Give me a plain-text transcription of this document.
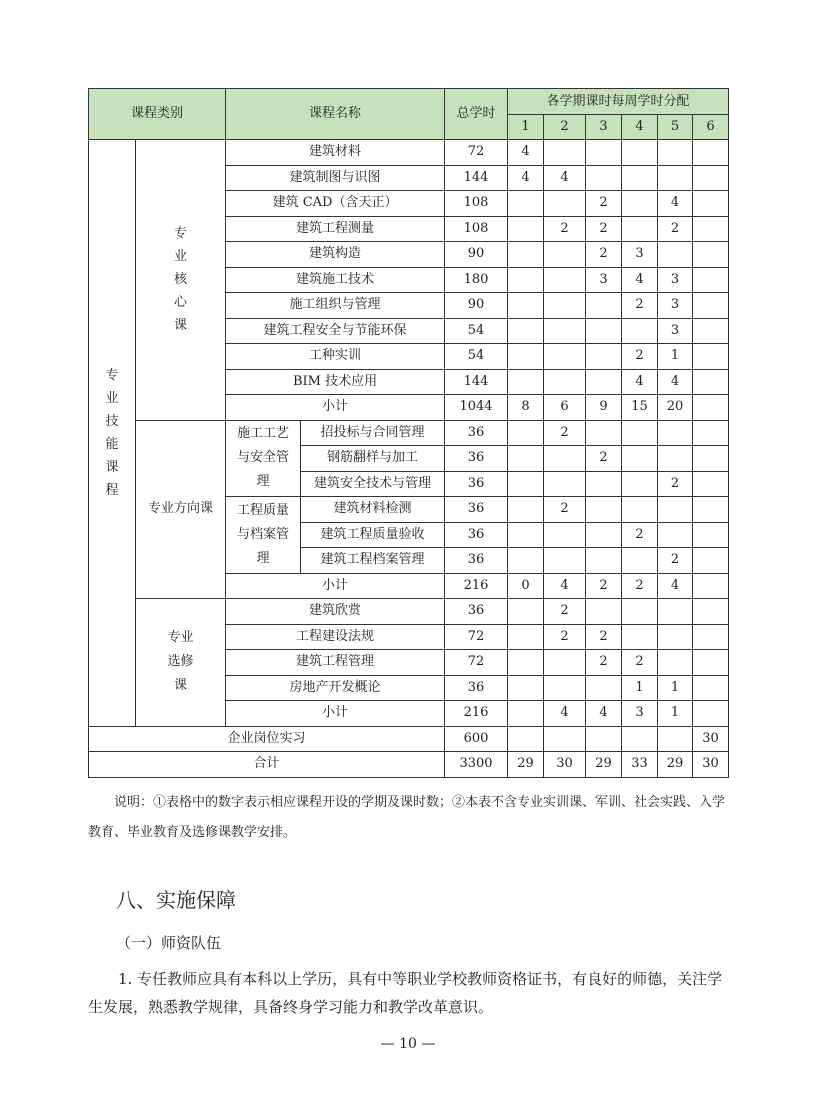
课程类别		课程名称		总学时	各学期课时每周学时分配					
					1	2	3	4	5	6
专业技能课程	专业核心课	建筑材料		72	4					
		建筑制图与识图		144	4	4				
		建筑 CAD（含天正）		108			2		4	
		建筑工程测量		108		2	2		2	
		建筑构造		90			2	3		
		建筑施工技术		180			3	4	3	
		施工组织与管理		90				2	3	
		建筑工程安全与节能环保		54					3	
		工种实训		54				2	1	
		BIM 技术应用		144				4	4	
		小计		1044	8	6	9	15	20	
	专业方向课	施工工艺与安全管理	招投标与合同管理	36		2				
			钢筋翻样与加工	36			2			
			建筑安全技术与管理	36					2	
		工程质量与档案管理	建筑材料检测	36		2				
			建筑工程质量验收	36				2		
			建筑工程档案管理	36					2	
		小计		216	0	4	2	2	4	
	专业选修课	建筑欣赏		36		2				
		工程建设法规		72		2	2			
		建筑工程管理		72			2	2		
		房地产开发概论		36				1	1	
		小计		216		4	4	3	1	
企业岗位实习				600						30
合计				3300	29	30	29	33	29	30
说明：①表格中的数字表示相应课程开设的学期及课时数；②本表不含专业实训课、军训、社会实践、入学教育、毕业教育及选修课教学安排。
八、实施保障
（一）师资队伍
1. 专任教师应具有本科以上学历，具有中等职业学校教师资格证书，有良好的师德，关注学生发展，熟悉教学规律，具备终身学习能力和教学改革意识。
— 10 —
